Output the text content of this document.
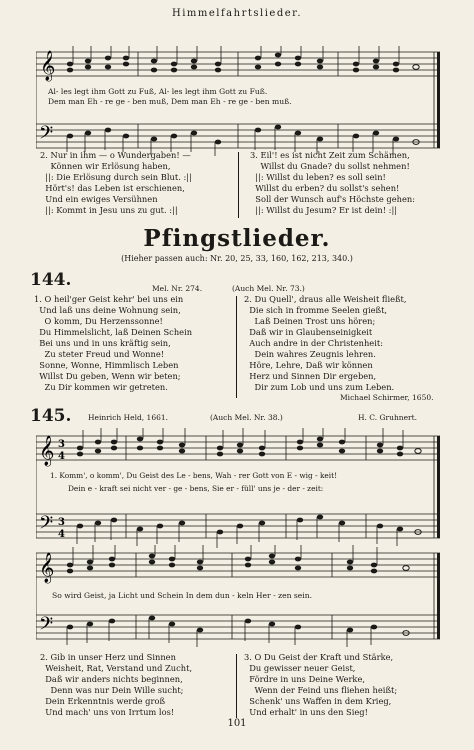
Himmelfahrtslieder.
𝄞
𝄢
Al- les legt ihm Gott zu Fuß, Al- les legt ihm Gott zu Fuß.
Dem man Eh - re ge - ben muß, Dem man Eh - re ge - ben muß.
2. Nur in ihm — o Wundergaben! —
Können wir Erlösung haben,
||: Die Erlösung durch sein Blut. :||
Hört's! das Leben ist erschienen,
Und ein ewiges Versühnen
||: Kommt in Jesu uns zu gut. :||
3. Eil'! es ist nicht Zeit zum Schämen,
Willst du Gnade? du sollst nehmen!
||: Willst du leben? es soll sein!
Willst du erben? du sollst's sehen!
Soll der Wunsch auf's Höchste gehen:
||: Willst du Jesum? Er ist dein! :||
Pfingstlieder.
(Hieher passen auch: Nr. 20, 25, 33, 160, 162, 213, 340.)
144.	Mel. Nr. 274.	(Auch Mel. Nr. 73.)
1. O heil'ger Geist kehr' bei uns ein
Und laß uns deine Wohnung sein,
O komm, Du Herzenssonne!
Du Himmelslicht, laß Deinen Schein
Bei uns und in uns kräftig sein,
Zu steter Freud und Wonne!
Sonne, Wonne, Himmlisch Leben
Willst Du geben, Wenn wir beten;
Zu Dir kommen wir getreten.
2. Du Quell', draus alle Weisheit fließt,
Die sich in fromme Seelen gießt,
Laß Deinen Trost uns hören;
Daß wir in Glaubenseinigkeit
Auch andre in der Christenheit:
Dein wahres Zeugnis lehren.
Höre, Lehre, Daß wir können
Herz und Sinnen Dir ergeben,
Dir zum Lob und uns zum Leben.
Michael Schirmer, 1650.
145. Heinrich Held, 1661.	(Auch Mel. Nr. 38.)	H. C. Gruhnert.
𝄞
𝄢
3
4
3
4
1. Komm', o komm', Du Geist des Le - bens, Wah - rer Gott von E - wig - keit!
Dein e - kraft sei nicht ver - ge - bens, Sie er - füll' uns je - der - zeit:
𝄞
𝄢
So wird Geist, ja Licht und Schein In dem dun - keln Her - zen sein.
2. Gib in unser Herz und Sinnen
Weisheit, Rat, Verstand und Zucht,
Daß wir anders nichts beginnen,
Denn was nur Dein Wille sucht;
Dein Erkenntnis werde groß
Und mach' uns von Irrtum los!
3. O Du Geist der Kraft und Stärke,
Du gewisser neuer Geist,
Fördre in uns Deine Werke,
Wenn der Feind uns fliehen heißt;
Schenk' uns Waffen in dem Krieg,
Und erhalt' in uns den Sieg!
101
